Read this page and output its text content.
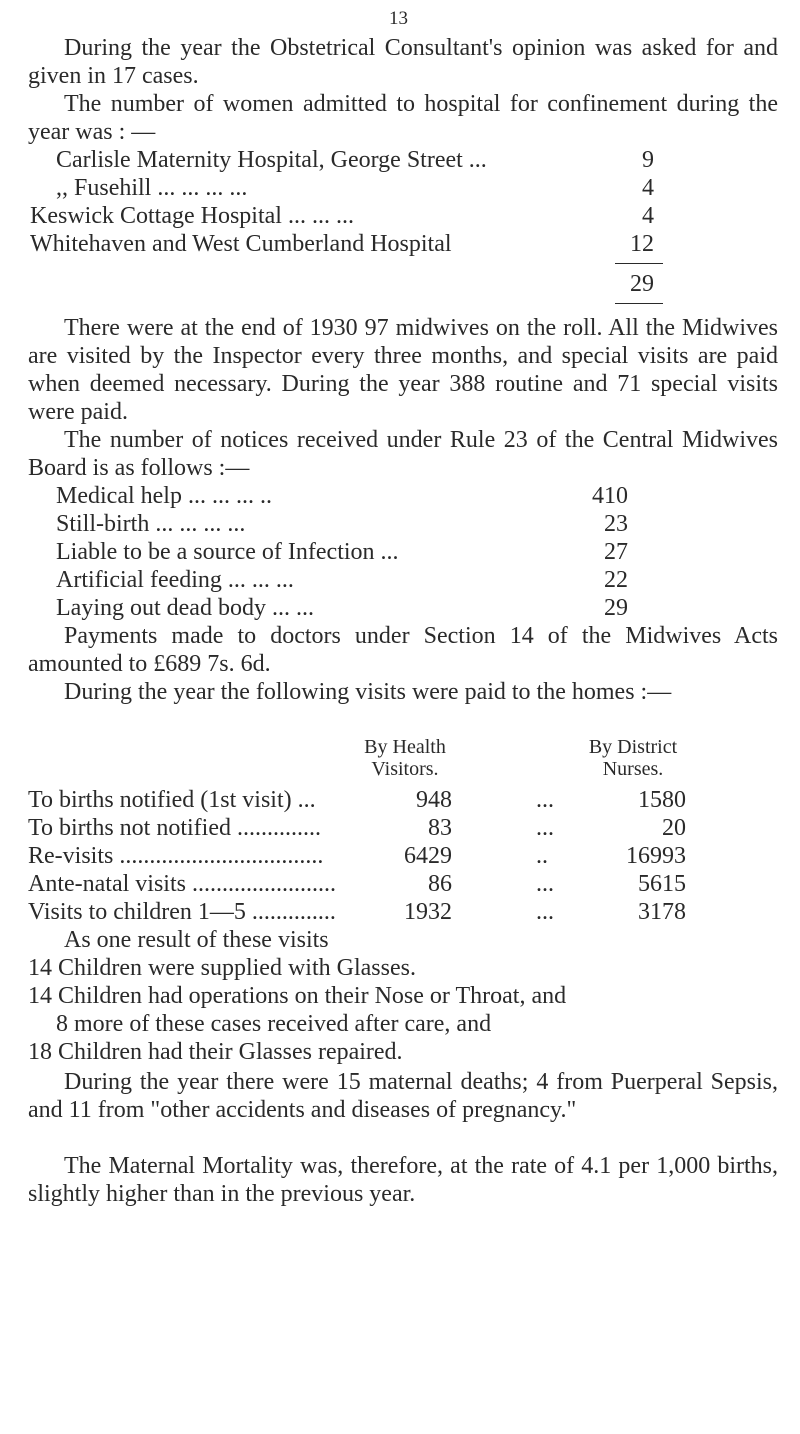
13

During the year the Obstetrical Consultant's opinion was asked for and given in 17 cases.

The number of women admitted to hospital for confinement during the year was : —

Carlisle Maternity Hospital, George Street ...	9
,, Fusehill ... ... ... ...	4
Keswick Cottage Hospital ... ... ...	4
Whitehaven and West Cumberland Hospital	12
29

There were at the end of 1930 97 midwives on the roll. All the Midwives are visited by the Inspector every three months, and special visits are paid when deemed necessary. During the year 388 routine and 71 special visits were paid.

The number of notices received under Rule 23 of the Central Midwives Board is as follows :—

Medical help ... ... ... ..	410
Still-birth ... ... ... ...	23
Liable to be a source of Infection ...	27
Artificial feeding ... ... ...	22
Laying out dead body ... ...	29

Payments made to doctors under Section 14 of the Midwives Acts amounted to £689 7s. 6d.

During the year the following visits were paid to the homes :—

By Health
Visitors.
By District
Nurses.
To births notified (1st visit) ...	948	...	1580
To births not notified ..............	83	...	20
Re-visits ..................................	6429	..	16993
Ante-natal visits ........................	86	...	5615
Visits to children 1—5 ..............	1932	...	3178
As one result of these visits
14 Children were supplied with Glasses.
14 Children had operations on their Nose or Throat, and
8 more of these cases received after care, and
18 Children had their Glasses repaired.

During the year there were 15 maternal deaths; 4 from Puerperal Sepsis, and 11 from "other accidents and diseases of pregnancy."

The Maternal Mortality was, therefore, at the rate of 4.1 per 1,000 births, slightly higher than in the previous year.
